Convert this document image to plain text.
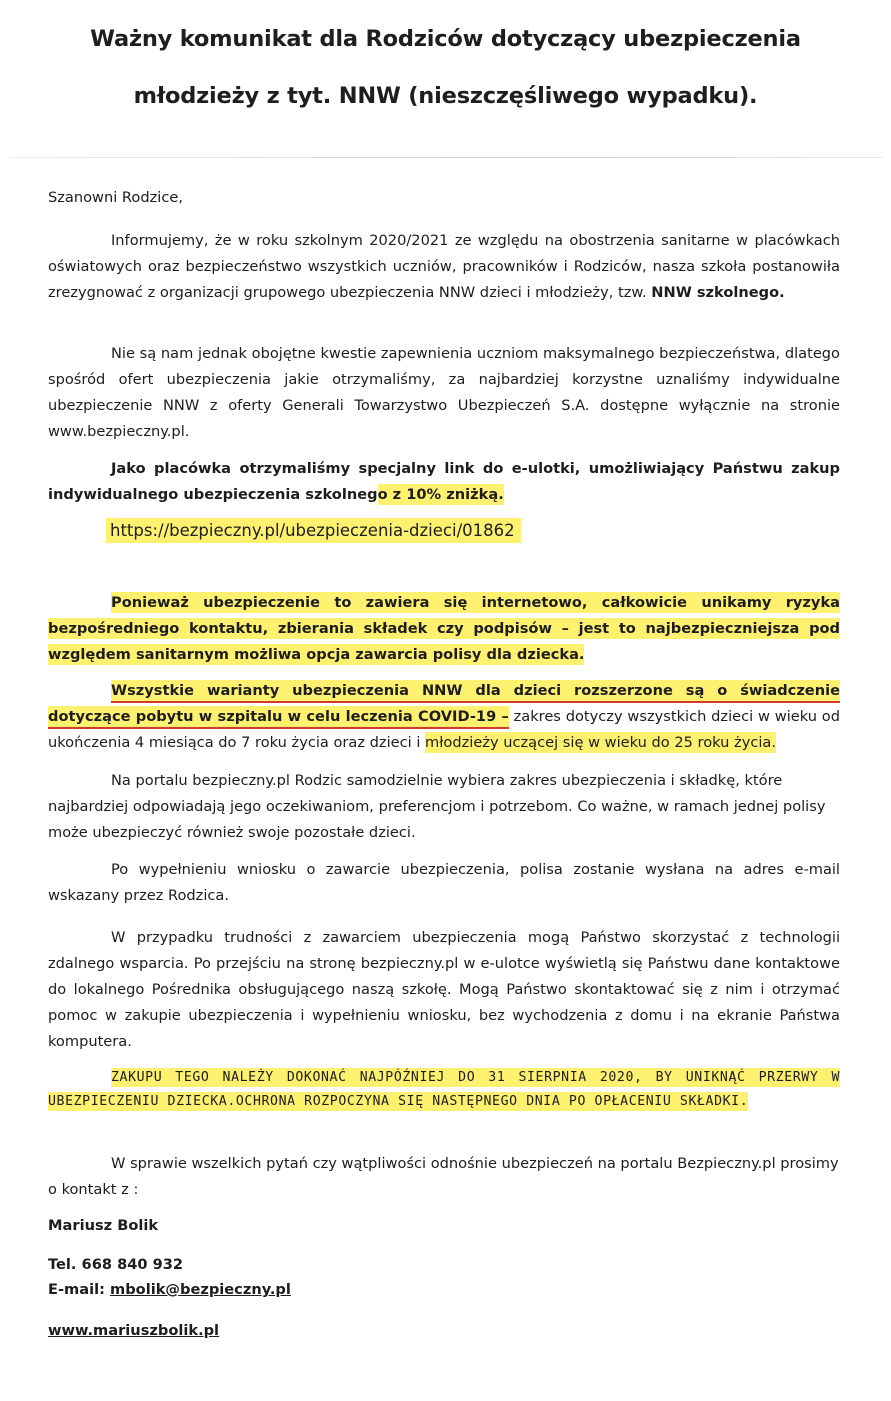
Ważny komunikat dla Rodziców dotyczący ubezpieczenia
młodzieży z tyt. NNW (nieszczęśliwego wypadku).
Szanowni Rodzice,

Informujemy, że w roku szkolnym 2020/2021 ze względu na obostrzenia sanitarne w placówkach oświatowych oraz bezpieczeństwo wszystkich uczniów, pracowników i Rodziców, nasza szkoła postanowiła zrezygnować z organizacji grupowego ubezpieczenia NNW dzieci i młodzieży, tzw. NNW szkolnego.

Nie są nam jednak obojętne kwestie zapewnienia uczniom maksymalnego bezpieczeństwa, dlatego spośród ofert ubezpieczenia jakie otrzymaliśmy, za najbardziej korzystne uznaliśmy indywidualne ubezpieczenie NNW z oferty Generali Towarzystwo Ubezpieczeń S.A. dostępne wyłącznie na stronie www.bezpieczny.pl.

Jako placówka otrzymaliśmy specjalny link do e-ulotki, umożliwiający Państwu zakup indywidualnego ubezpieczenia szkolnego z 10% zniżką.

https://bezpieczny.pl/ubezpieczenia-dzieci/01862

Ponieważ ubezpieczenie to zawiera się internetowo, całkowicie unikamy ryzyka bezpośredniego kontaktu, zbierania składek czy podpisów – jest to najbezpieczniejsza pod względem sanitarnym możliwa opcja zawarcia polisy dla dziecka.

Wszystkie warianty ubezpieczenia NNW dla dzieci rozszerzone są o świadczenie dotyczące pobytu w szpitalu w celu leczenia COVID-19 – zakres dotyczy wszystkich dzieci w wieku od ukończenia 4 miesiąca do 7 roku życia oraz dzieci i młodzieży uczącej się w wieku do 25 roku życia.

Na portalu bezpieczny.pl Rodzic samodzielnie wybiera zakres ubezpieczenia i składkę, które najbardziej odpowiadają jego oczekiwaniom, preferencjom i potrzebom. Co ważne, w ramach jednej polisy może ubezpieczyć również swoje pozostałe dzieci.

Po wypełnieniu wniosku o zawarcie ubezpieczenia, polisa zostanie wysłana na adres e-mail wskazany przez Rodzica.

W przypadku trudności z zawarciem ubezpieczenia mogą Państwo skorzystać z technologii zdalnego wsparcia. Po przejściu na stronę bezpieczny.pl w e-ulotce wyświetlą się Państwu dane kontaktowe do lokalnego Pośrednika obsługującego naszą szkołę. Mogą Państwo skontaktować się z nim i otrzymać pomoc w zakupie ubezpieczenia i wypełnieniu wniosku, bez wychodzenia z domu i na ekranie Państwa komputera.

ZAKUPU TEGO NALEŻY DOKONAĆ NAJPÓŹNIEJ DO 31 SIERPNIA 2020, BY UNIKNĄĆ PRZERWY W UBEZPIECZENIU DZIECKA.OCHRONA ROZPOCZYNA SIĘ NASTĘPNEGO DNIA PO OPŁACENIU SKŁADKI.

W sprawie wszelkich pytań czy wątpliwości odnośnie ubezpieczeń na portalu Bezpieczny.pl prosimy o kontakt z :

Mariusz Bolik
Tel. 668 840 932
E-mail: mbolik@bezpieczny.pl
www.mariuszbolik.pl
